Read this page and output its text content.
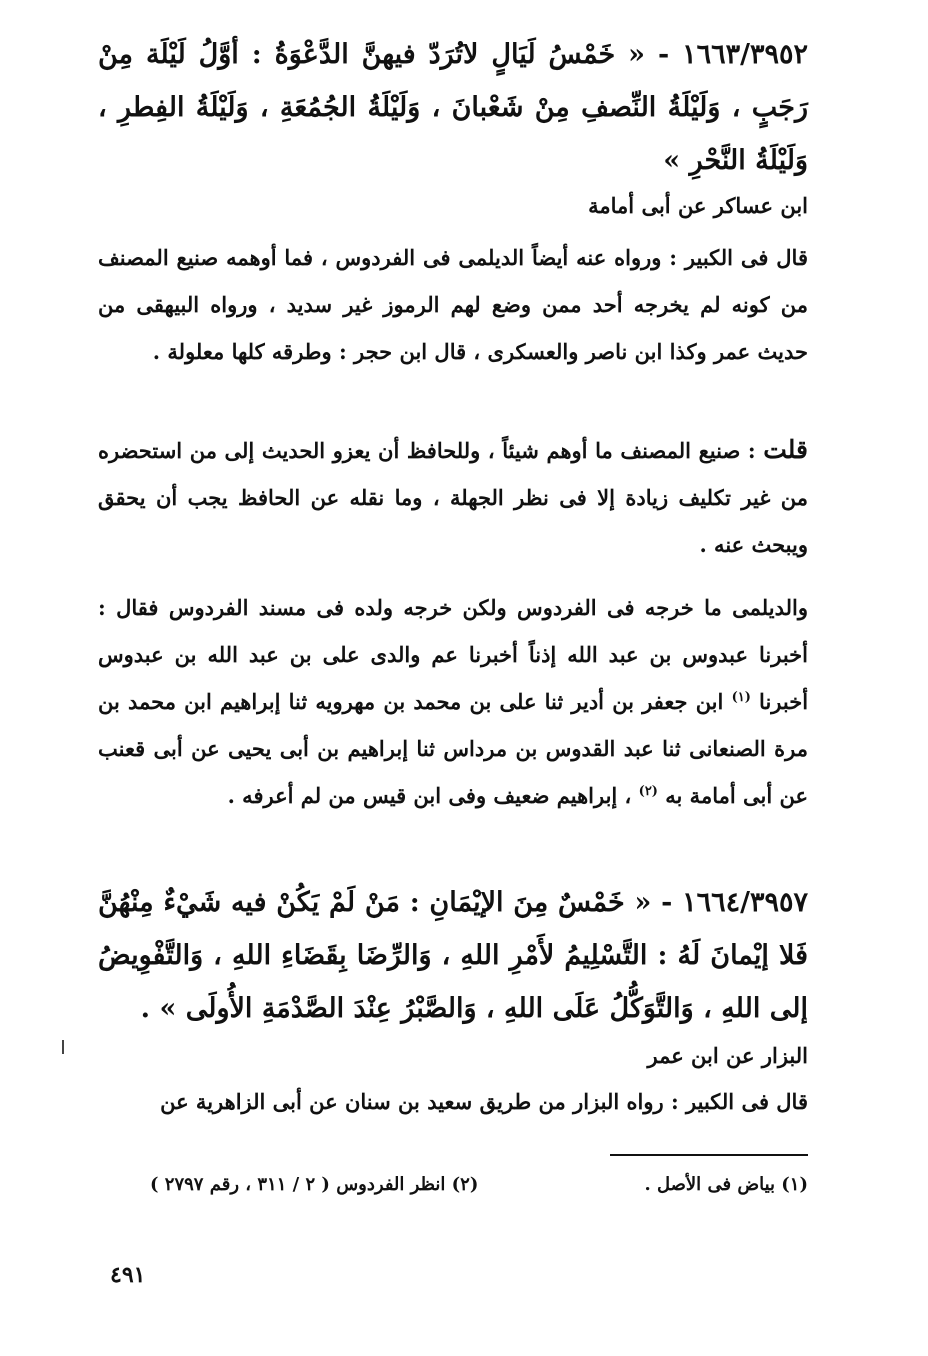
١٦٦٣/٣٩٥٢ - « خَمْسُ لَيَالٍ لاتُرَدّ فيهنَّ الدَّعْوَةُ : أوَّلُ لَيْلَة مِنْ رَجَبٍ ، وَلَيْلَةُ النِّصفِ مِنْ شَعْبانَ ، وَلَيْلَةُ الجُمُعَةِ ، وَلَيْلَةُ الفِطرِ ، وَلَيْلَةُ النَّحْرِ »
ابن عساكر عن أبى أمامة
قال فى الكبير : ورواه عنه أيضاً الديلمى فى الفردوس ، فما أوهمه صنيع المصنف من كونه لم يخرجه أحد ممن وضع لهم الرموز غير سديد ، ورواه البيهقى من حديث عمر وكذا ابن ناصر والعسكرى ، قال ابن حجر : وطرقه كلها معلولة .
قلت : صنيع المصنف ما أوهم شيئاً ، وللحافظ أن يعزو الحديث إلى من استحضره من غير تكليف زيادة إلا فى نظر الجهلة ، وما نقله عن الحافظ يجب أن يحقق ويبحث عنه .
والديلمى ما خرجه فى الفردوس ولكن خرجه ولده فى مسند الفردوس فقال : أخبرنا عبدوس بن عبد الله إذناً أخبرنا عم والدى على بن عبد الله بن عبدوس أخبرنا $^{(١)}$ ابن جعفر بن أدير ثنا على بن محمد بن مهرويه ثنا إبراهيم ابن محمد بن مرة الصنعانى ثنا عبد القدوس بن مرداس ثنا إبراهيم بن أبى يحيى عن أبى قعنب عن أبى أمامة به $^{(٢)}$ ، إبراهيم ضعيف وفى ابن قيس من لم أعرفه .
١٦٦٤/٣٩٥٧ - « خَمْسٌ مِنَ الإيْمَانِ : مَنْ لَمْ يَكُنْ فيه شَيْءٌ مِنْهُنَّ فَلا إيْمانَ لَهُ : التَّسْلِيمُ لأَمْرِ اللهِ ، وَالرِّضَا بِقَضَاءِ اللهِ ، وَالتَّفْوِيضُ إلى اللهِ ، وَالتَّوَكُّلُ عَلَى اللهِ ، وَالصَّبْرُ عِنْدَ الصَّدْمَةِ الأُولَى » .
البزار عن ابن عمر
قال فى الكبير : رواه البزار من طريق سعيد بن سنان عن أبى الزاهرية عن
(١) بياض فى الأصل .
(٢) انظر الفردوس ( ٢ / ٣١١ ، رقم ٢٧٩٧ )
٤٩١
